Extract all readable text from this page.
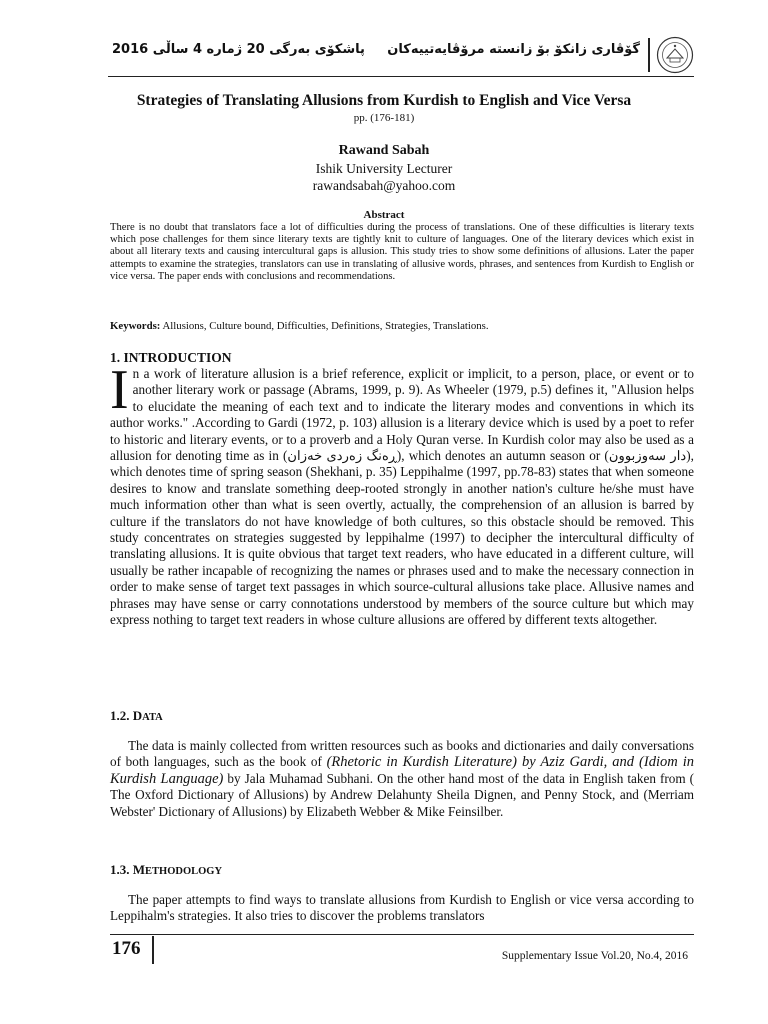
پاشکۆی بەرگی 20 ژمارە 4 ساڵی 2016 گۆڤاری زانکۆ بۆ زانستە مرۆڤایەتییەکان
Strategies of Translating Allusions from Kurdish to English and Vice Versa
pp. (176-181)
Rawand Sabah
Ishik University Lecturer
rawandsabah@yahoo.com
Abstract
There is no doubt that translators face a lot of difficulties during the process of translations. One of these difficulties is literary texts which pose challenges for them since literary texts are tightly knit to culture of languages. One of the literary devices which exist in about all literary texts and causing intercultural gaps is allusion. This study tries to show some definitions of allusions. Later the paper attempts to examine the strategies, translators can use in translating of allusive words, phrases, and sentences from Kurdish to English or vice versa. The paper ends with conclusions and recommendations.
Keywords: Allusions, Culture bound, Difficulties, Definitions, Strategies, Translations.
1. INTRODUCTION
In a work of literature allusion is a brief reference, explicit or implicit, to a person, place, or event or to another literary work or passage (Abrams, 1999, p. 9). As Wheeler (1979, p.5) defines it, "Allusion helps to elucidate the meaning of each text and to indicate the literary modes and conventions in which its author works." .According to Gardi (1972, p. 103) allusion is a literary device which is used by a poet to refer to historic and literary events, or to a proverb and a Holy Quran verse. In Kurdish color may also be used as a allusion for denoting time as in (ڕەنگ زەردی خەزان), which denotes an autumn season or (دار سەوزبوون), which denotes time of spring season (Shekhani, p. 35) Leppihalme (1997, pp.78-83) states that when someone desires to know and translate something deep-rooted strongly in another nation's culture he/she must have much information other than what is seen overtly, actually, the comprehension of an allusion is barred by culture if the translators do not have knowledge of both cultures, so this obstacle should be removed. This study concentrates on strategies suggested by leppihalme (1997) to decipher the intercultural difficulty of translating allusions. It is quite obvious that target text readers, who have educated in a different culture, will usually be rather incapable of recognizing the names or phrases used and to make the necessary connection in order to make sense of target text passages in which source-cultural allusions take place. Allusive names and phrases may have sense or carry connotations understood by members of the source culture but which may express nothing to target text readers in whose culture allusions are offered by different texts altogether.
1.2. DATA
The data is mainly collected from written resources such as books and dictionaries and daily conversations of both languages, such as the book of (Rhetoric in Kurdish Literature) by Aziz Gardi, and (Idiom in Kurdish Language) by Jala Muhamad Subhani. On the other hand most of the data in English taken from ( The Oxford Dictionary of Allusions) by Andrew Delahunty Sheila Dignen, and Penny Stock, and (Merriam Webster' Dictionary of Allusions) by Elizabeth Webber & Mike Feinsilber.
1.3. METHODOLOGY
The paper attempts to find ways to translate allusions from Kurdish to English or vice versa according to Leppihalm's strategies. It also tries to discover the problems translators
176	Supplementary Issue Vol.20, No.4, 2016
